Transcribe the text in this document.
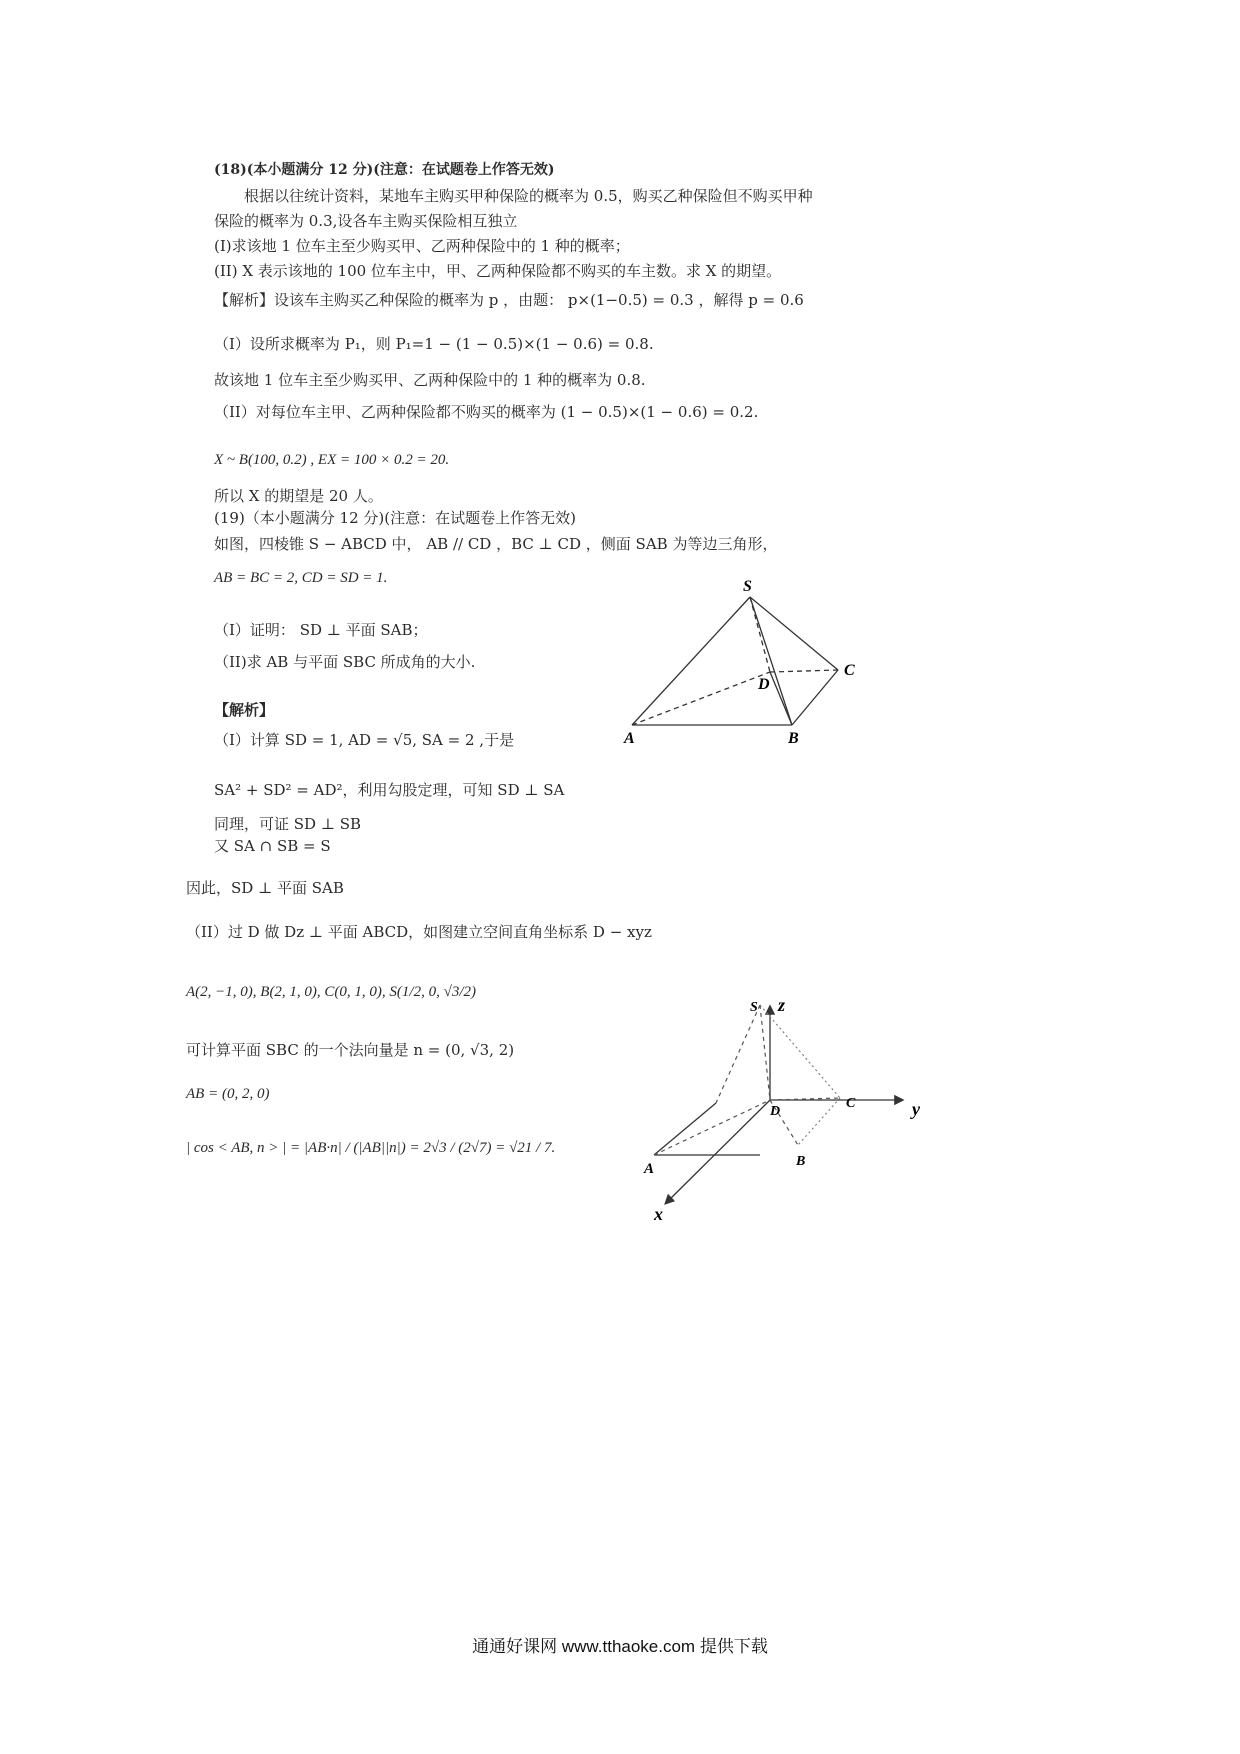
(18)(本小题满分 12 分)(注意：在试题卷上作答无效)
根据以往统计资料，某地车主购买甲种保险的概率为 0.5，购买乙种保险但不购买甲种
保险的概率为 0.3,设各车主购买保险相互独立
(I)求该地 1 位车主至少购买甲、乙两种保险中的 1 种的概率；
(II) X 表示该地的 100 位车主中，甲、乙两种保险都不购买的车主数。求 X 的期望。
【解析】设该车主购买乙种保险的概率为 p ，由题： p×(1−0.5) = 0.3 ，解得 p = 0.6
（I）设所求概率为 P₁，则 P₁=1 − (1 − 0.5)×(1 − 0.6) = 0.8.
故该地 1 位车主至少购买甲、乙两种保险中的 1 种的概率为 0.8.
（II）对每位车主甲、乙两种保险都不购买的概率为 (1 − 0.5)×(1 − 0.6) = 0.2.
X ~ B(100, 0.2) , EX = 100 × 0.2 = 20.
所以 X 的期望是 20 人。
(19)（本小题满分 12 分)(注意：在试题卷上作答无效)
如图，四棱锥 S − ABCD 中， AB // CD ，BC ⊥ CD ，侧面 SAB 为等边三角形，
AB = BC = 2, CD = SD = 1.
（I）证明： SD ⊥ 平面 SAB；
（II)求 AB 与平面 SBC 所成角的大小.
【解析】
（I）计算 SD = 1, AD = √5, SA = 2 ,于是
SA² + SD² = AD²，利用勾股定理，可知 SD ⊥ SA
同理，可证 SD ⊥ SB
又 SA ∩ SB = S
因此，SD ⊥ 平面 SAB
（II）过 D 做 Dz ⊥ 平面 ABCD，如图建立空间直角坐标系 D − xyz
A(2, −1, 0), B(2, 1, 0), C(0, 1, 0), S(1/2, 0, √3/2)
可计算平面 SBC 的一个法向量是 n = (0, √3, 2)
AB = (0, 2, 0)
| cos < AB, n > | = |AB·n| / (|AB||n|) = 2√3 / (2√7) = √21 / 7.
S
A	B
C
D
S z
y
x
A	B
C
D
通通好课网 www.tthaoke.com 提供下载
